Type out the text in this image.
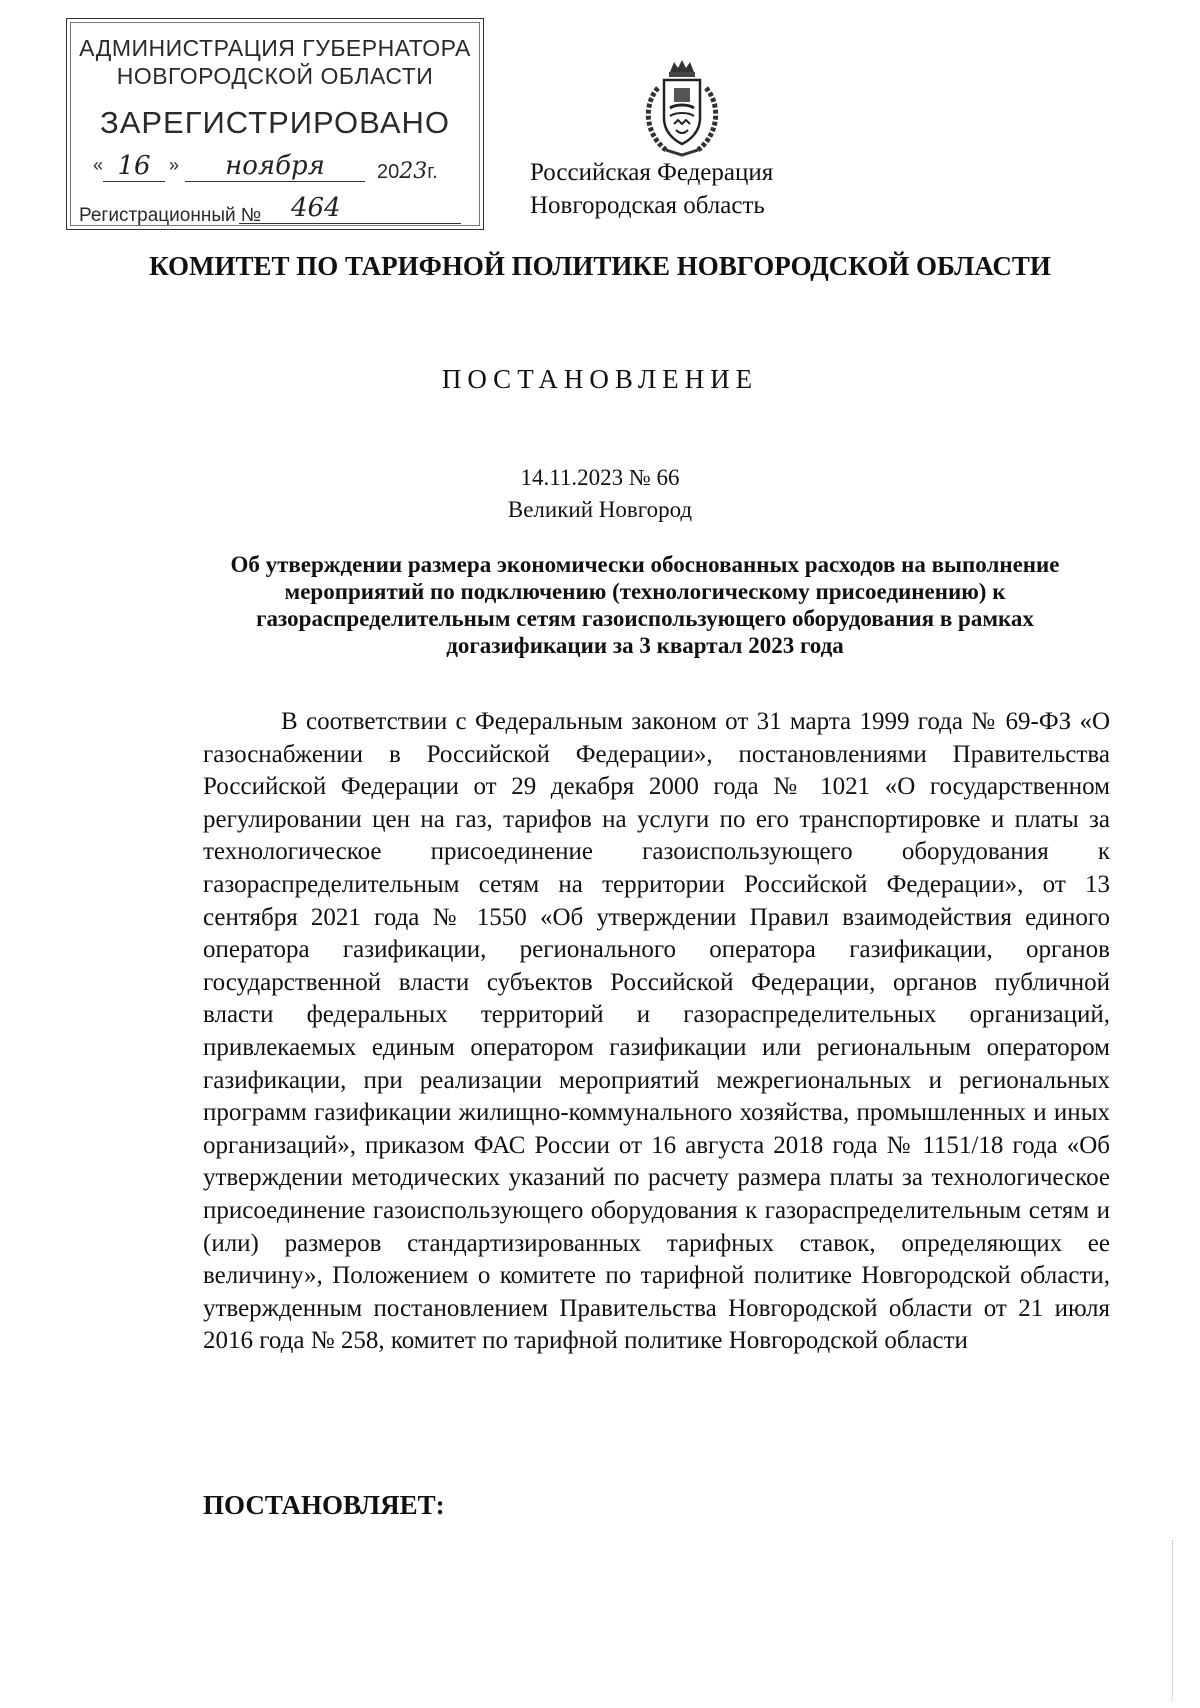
АДМИНИСТРАЦИЯ ГУБЕРНАТОРА
НОВГОРОДСКОЙ ОБЛАСТИ
ЗАРЕГИСТРИРОВАНО
« 16	»	ноября	2023г.
Регистрационный №	464
Российская Федерация
Новгородская область
КОМИТЕТ ПО ТАРИФНОЙ ПОЛИТИКЕ НОВГОРОДСКОЙ ОБЛАСТИ
ПОСТАНОВЛЕНИЕ
14.11.2023 № 66
Великий Новгород
Об утверждении размера экономически обоснованных расходов на выполнение мероприятий по подключению (технологическому присоединению) к газораспределительным сетям газоиспользующего оборудования в рамках догазификации за 3 квартал 2023 года
В соответствии с Федеральным законом от 31 марта 1999 года № 69-ФЗ «О газоснабжении в Российской Федерации», постановлениями Правительства Российской Федерации от 29 декабря 2000 года № 1021 «О государственном регулировании цен на газ, тарифов на услуги по его транспортировке и платы за технологическое присоединение газоиспользующего оборудования к газораспределительным сетям на территории Российской Федерации», от 13 сентября 2021 года № 1550 «Об утверждении Правил взаимодействия единого оператора газификации, регионального оператора газификации, органов государственной власти субъектов Российской Федерации, органов публичной власти федеральных территорий и газораспределительных организаций, привлекаемых единым оператором газификации или региональным оператором газификации, при реализации мероприятий межрегиональных и региональных программ газификации жилищно-коммунального хозяйства, промышленных и иных организаций», приказом ФАС России от 16 августа 2018 года № 1151/18 года «Об утверждении методических указаний по расчету размера платы за технологическое присоединение газоиспользующего оборудования к газораспределительным сетям и (или) размеров стандартизированных тарифных ставок, определяющих ее величину», Положением о комитете по тарифной политике Новгородской области, утвержденным постановлением Правительства Новгородской области от 21 июля 2016 года № 258, комитет по тарифной политике Новгородской области
ПОСТАНОВЛЯЕТ:
